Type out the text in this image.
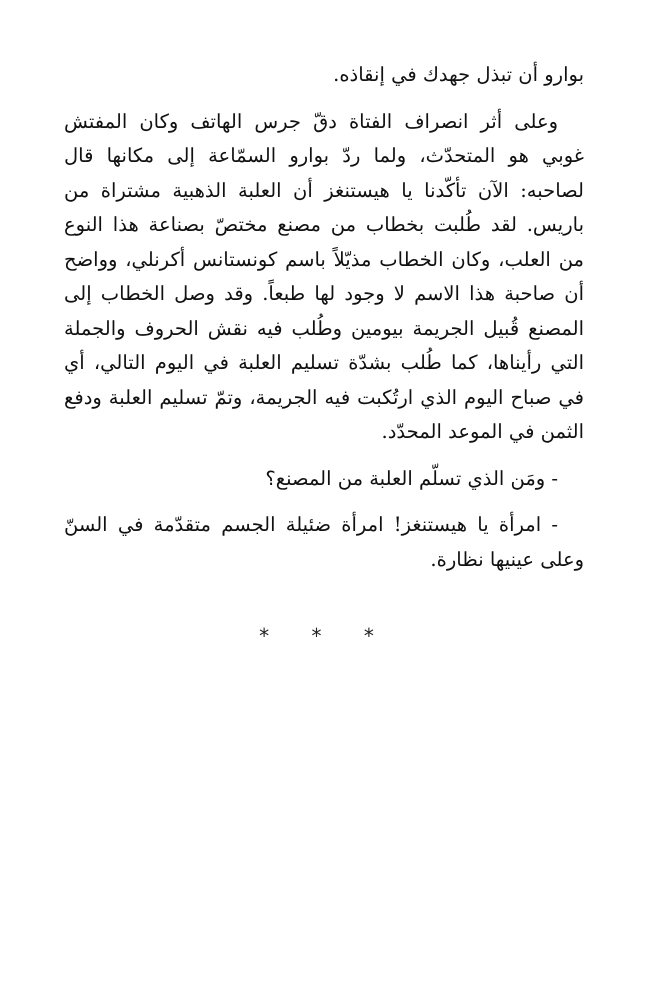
بوارو أن تبذل جهدك في إنقاذه.

وعلى أثر انصراف الفتاة دقّ جرس الهاتف وكان المفتش
غوبي هو المتحدّث، ولما ردّ بوارو السمّاعة إلى مكانها قال
لصاحبه: الآن تأكّدنا يا هيستنغز أن العلبة الذهبية مشتراة من
باريس. لقد طُلبت بخطاب من مصنع مختصّ بصناعة هذا النوع
من العلب، وكان الخطاب مذيّلاً باسم كونستانس أكرنلي، وواضح
أن صاحبة هذا الاسم لا وجود لها طبعاً. وقد وصل الخطاب إلى
المصنع قُبيل الجريمة بيومين وطُلب فيه نقش الحروف والجملة
التي رأيناها، كما طُلب بشدّة تسليم العلبة في اليوم التالي، أي
في صباح اليوم الذي ارتُكبت فيه الجريمة، وتمّ تسليم العلبة ودفع
الثمن في الموعد المحدّد.

- ومَن الذي تسلّم العلبة من المصنع؟

- امرأة يا هيستنغز! امرأة ضئيلة الجسم متقدّمة في السنّ
وعلى عينيها نظارة.

* * *
